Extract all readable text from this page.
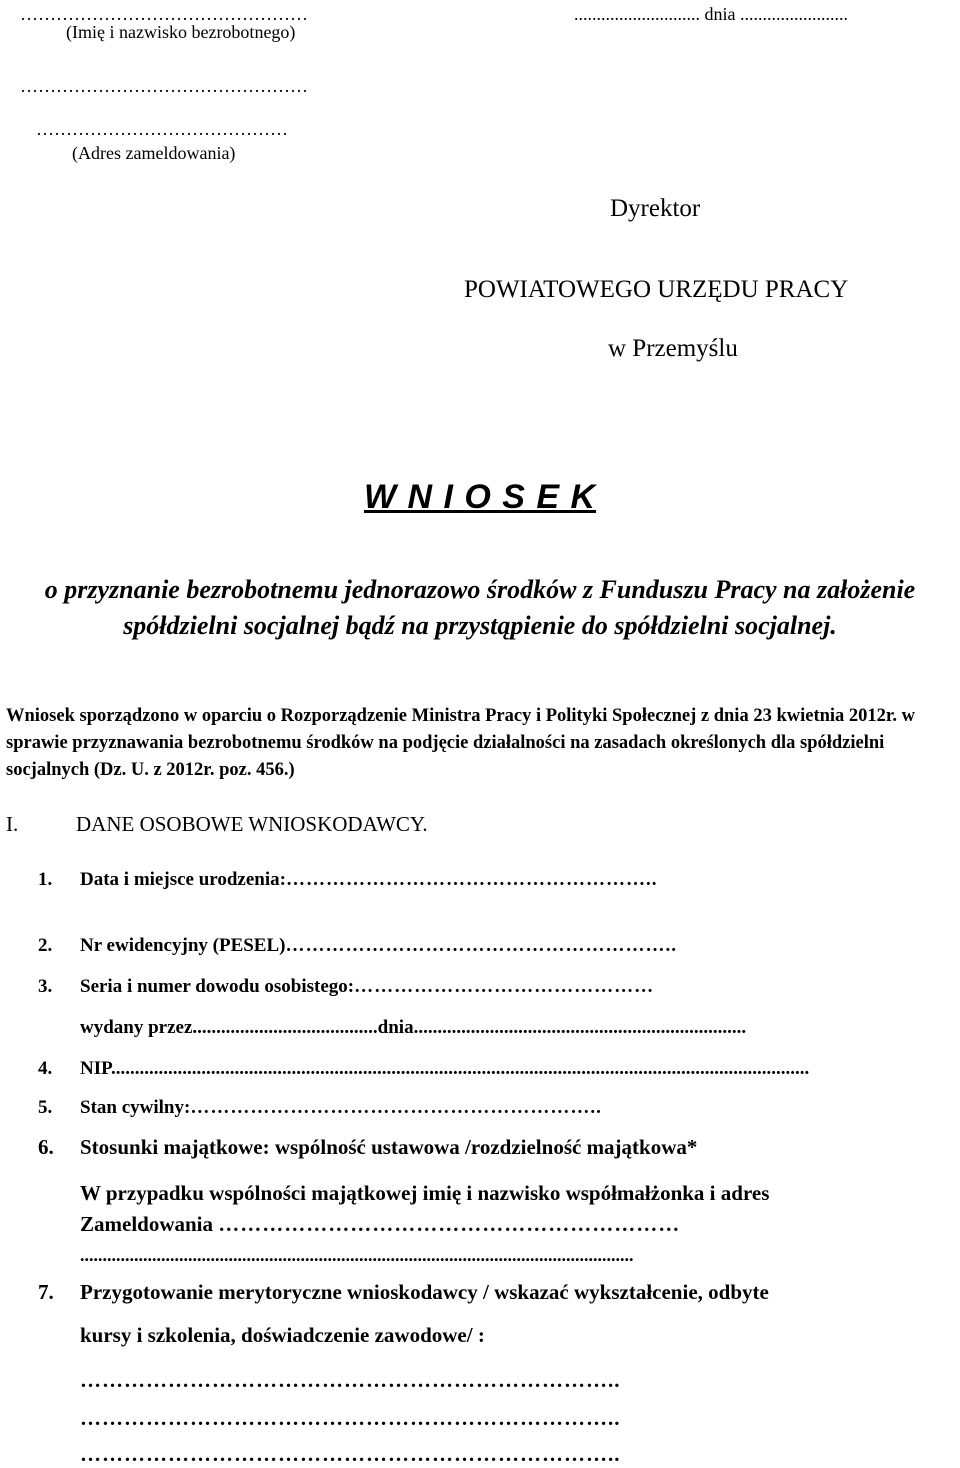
…………………………………………
(Imię i nazwisko bezrobotnego)
…………………………………………
……………………………………
(Adres zameldowania)
............................ dnia ........................
Dyrektor
POWIATOWEGO URZĘDU PRACY
w Przemyślu
W N I O S E K
o przyznanie bezrobotnemu jednorazowo środków z Funduszu Pracy na założenie spółdzielni socjalnej bądź na przystąpienie do spółdzielni socjalnej.
Wniosek sporządzono w oparciu o Rozporządzenie Ministra Pracy i Polityki Społecznej z dnia 23 kwietnia 2012r. w sprawie przyznawania bezrobotnemu środków na podjęcie działalności na zasadach określonych dla spółdzielni socjalnych (Dz. U. z 2012r. poz. 456.)
I.	DANE OSOBOWE WNIOSKODAWCY.
1. Data i miejsce urodzenia:………………………………………………..
2. Nr ewidencyjny (PESEL)…………………………………………………..
3. Seria i numer dowodu osobistego:………………………………………
wydany przez.......................................dnia......................................................................
4. NIP...................................................................................................................................................
5. Stan cywilny:……………………………………………………..
6. Stosunki majątkowe: wspólność ustawowa /rozdzielność majątkowa*
W przypadku wspólności majątkowej imię i nazwisko współmałżonka i adres
Zameldowania ………………………………………………………
...........................................................................................................................
7. Przygotowanie merytoryczne wnioskodawcy / wskazać wykształcenie, odbyte
kursy i szkolenia, doświadczenie zawodowe/ :
………………………………………………………………..
………………………………………………………………..
………………………………………………………………..
